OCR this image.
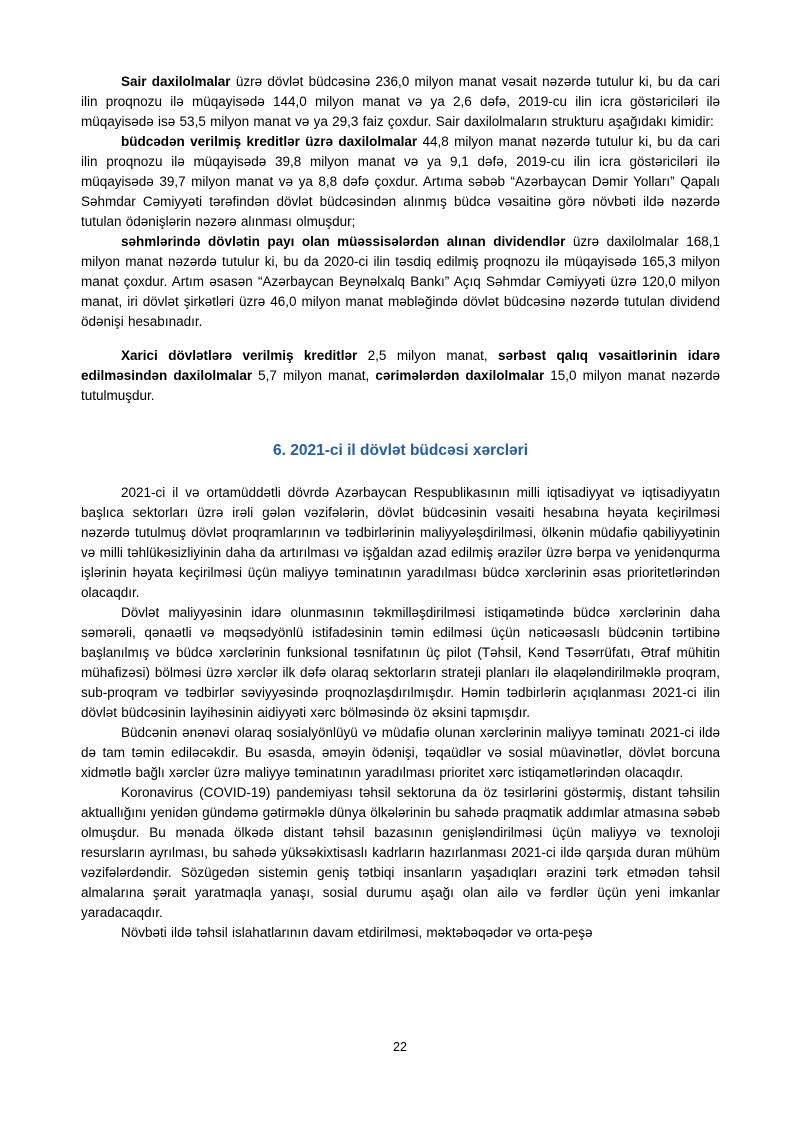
Sair daxilolmalar üzrə dövlət büdcəsinə 236,0 milyon manat vəsait nəzərdə tutulur ki, bu da cari ilin proqnozu ilə müqayisədə 144,0 milyon manat və ya 2,6 dəfə, 2019-cu ilin icra göstəriciləri ilə müqayisədə isə 53,5 milyon manat və ya 29,3 faiz çoxdur. Sair daxilolmaların strukturu aşağıdakı kimidir:

büdcədən verilmiş kreditlər üzrə daxilolmalar 44,8 milyon manat nəzərdə tutulur ki, bu da cari ilin proqnozu ilə müqayisədə 39,8 milyon manat və ya 9,1 dəfə, 2019-cu ilin icra göstəriciləri ilə müqayisədə 39,7 milyon manat və ya 8,8 dəfə çoxdur. Artıma səbəb “Azərbaycan Dəmir Yolları” Qapalı Səhmdar Cəmiyyəti tərəfindən dövlət büdcəsindən alınmış büdcə vəsaitinə görə növbəti ildə nəzərdə tutulan ödənişlərin nəzərə alınması olmuşdur;

səhmlərində dövlətin payı olan müəssisələrdən alınan dividendlər üzrə daxilolmalar 168,1 milyon manat nəzərdə tutulur ki, bu da 2020-ci ilin təsdiq edilmiş proqnozu ilə müqayisədə 165,3 milyon manat çoxdur. Artım əsasən “Azərbaycan Beynəlxalq Bankı” Açıq Səhmdar Cəmiyyəti üzrə 120,0 milyon manat, iri dövlət şirkətləri üzrə 46,0 milyon manat məbləğində dövlət büdcəsinə nəzərdə tutulan dividend ödənişi hesabınadır.

Xarici dövlətlərə verilmiş kreditlər 2,5 milyon manat, sərbəst qalıq vəsaitlərinin idarə edilməsindən daxilolmalar 5,7 milyon manat, cərimələrdən daxilolmalar 15,0 milyon manat nəzərdə tutulmuşdur.

6. 2021-ci il dövlət büdcəsi xərcləri

2021-ci il və ortamüddətli dövrdə Azərbaycan Respublikasının milli iqtisadiyyat və iqtisadiyyatın başlıca sektorları üzrə irəli gələn vəzifələrin, dövlət büdcəsinin vəsaiti hesabına həyata keçirilməsi nəzərdə tutulmuş dövlət proqramlarının və tədbirlərinin maliyyələşdirilməsi, ölkənin müdafiə qabiliyyətinin və milli təhlükəsizliyinin daha da artırılması və işğaldan azad edilmiş ərazilər üzrə bərpa və yenidənqurma işlərinin həyata keçirilməsi üçün maliyyə təminatının yaradılması büdcə xərclərinin əsas prioritetlərindən olacaqdır.

Dövlət maliyyəsinin idarə olunmasının təkmilləşdirilməsi istiqamətində büdcə xərclərinin daha səmərəli, qənaətli və məqsədyönlü istifadəsinin təmin edilməsi üçün nəticəəsaslı büdcənin tərtibinə başlanılmış və büdcə xərclərinin funksional təsnifatının üç pilot (Təhsil, Kənd Təsərrüfatı, Ətraf mühitin mühafizəsi) bölməsi üzrə xərclər ilk dəfə olaraq sektorların strateji planları ilə əlaqələndirilməklə proqram, sub-proqram və tədbirlər səviyyəsində proqnozlaşdırılmışdır. Həmin tədbirlərin açıqlanması 2021-ci ilin dövlət büdcəsinin layihəsinin aidiyyəti xərc bölməsində öz əksini tapmışdır.

Büdcənin ənənəvi olaraq sosialyönlüyü və müdafiə olunan xərclərinin maliyyə təminatı 2021-ci ildə də tam təmin ediləcəkdir. Bu əsasda, əməyin ödənişi, təqaüdlər və sosial müavinətlər, dövlət borcuna xidmətlə bağlı xərclər üzrə maliyyə təminatının yaradılması prioritet xərc istiqamətlərindən olacaqdır.

Koronavirus (COVID-19) pandemiyası təhsil sektoruna da öz təsirlərini göstərmiş, distant təhsilin aktuallığını yenidən gündəmə gətirməklə dünya ölkələrinin bu sahədə praqmatik addımlar atmasına səbəb olmuşdur. Bu mənada ölkədə distant təhsil bazasının genişləndirilməsi üçün maliyyə və texnoloji resursların ayrılması, bu sahədə yüksəkixtisaslı kadrların hazırlanması 2021-ci ildə qarşıda duran mühüm vəzifələrdəndir. Sözügedən sistemin geniş tətbiqi insanların yaşadıqları ərazini tərk etmədən təhsil almalarına şərait yaratmaqla yanaşı, sosial durumu aşağı olan ailə və fərdlər üçün yeni imkanlar yaradacaqdır.

Növbəti ildə təhsil islahatlarının davam etdirilməsi, məktəbəqədər və orta-peşə

22
